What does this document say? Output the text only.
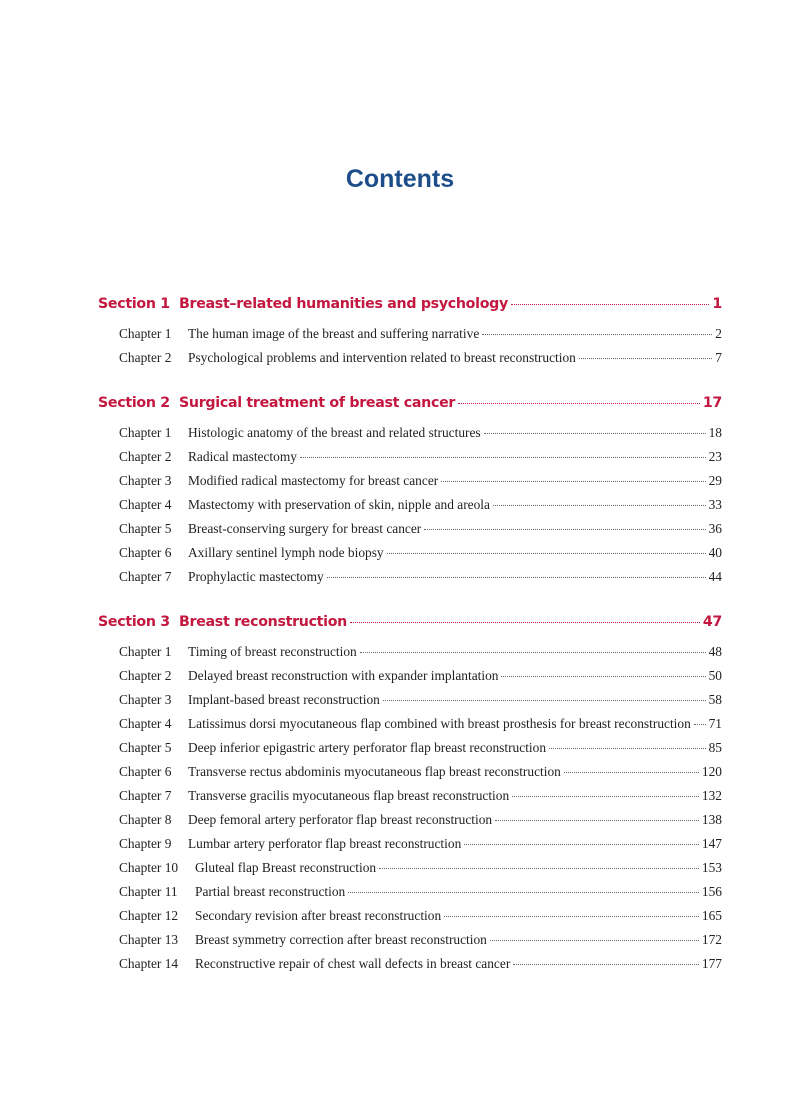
Contents
Section 1 Breast–related humanities and psychology	1
Chapter 1	The human image of the breast and suffering narrative	2
Chapter 2	Psychological problems and intervention related to breast reconstruction	7
Section 2 Surgical treatment of breast cancer	17
Chapter 1	Histologic anatomy of the breast and related structures	18
Chapter 2	Radical mastectomy	23
Chapter 3	Modified radical mastectomy for breast cancer	29
Chapter 4	Mastectomy with preservation of skin, nipple and areola	33
Chapter 5	Breast-conserving surgery for breast cancer	36
Chapter 6	Axillary sentinel lymph node biopsy	40
Chapter 7	Prophylactic mastectomy	44
Section 3 Breast reconstruction	47
Chapter 1	Timing of breast reconstruction	48
Chapter 2	Delayed breast reconstruction with expander implantation	50
Chapter 3	Implant-based breast reconstruction	58
Chapter 4	Latissimus dorsi myocutaneous flap combined with breast prosthesis for breast reconstruction 71
Chapter 5	Deep inferior epigastric artery perforator flap breast reconstruction	85
Chapter 6	Transverse rectus abdominis myocutaneous flap breast reconstruction	120
Chapter 7	Transverse gracilis myocutaneous flap breast reconstruction	132
Chapter 8	Deep femoral artery perforator flap breast reconstruction	138
Chapter 9	Lumbar artery perforator flap breast reconstruction	147
Chapter 10	Gluteal flap Breast reconstruction	153
Chapter 11	Partial breast reconstruction	156
Chapter 12	Secondary revision after breast reconstruction	165
Chapter 13	Breast symmetry correction after breast reconstruction	172
Chapter 14	Reconstructive repair of chest wall defects in breast cancer	177
